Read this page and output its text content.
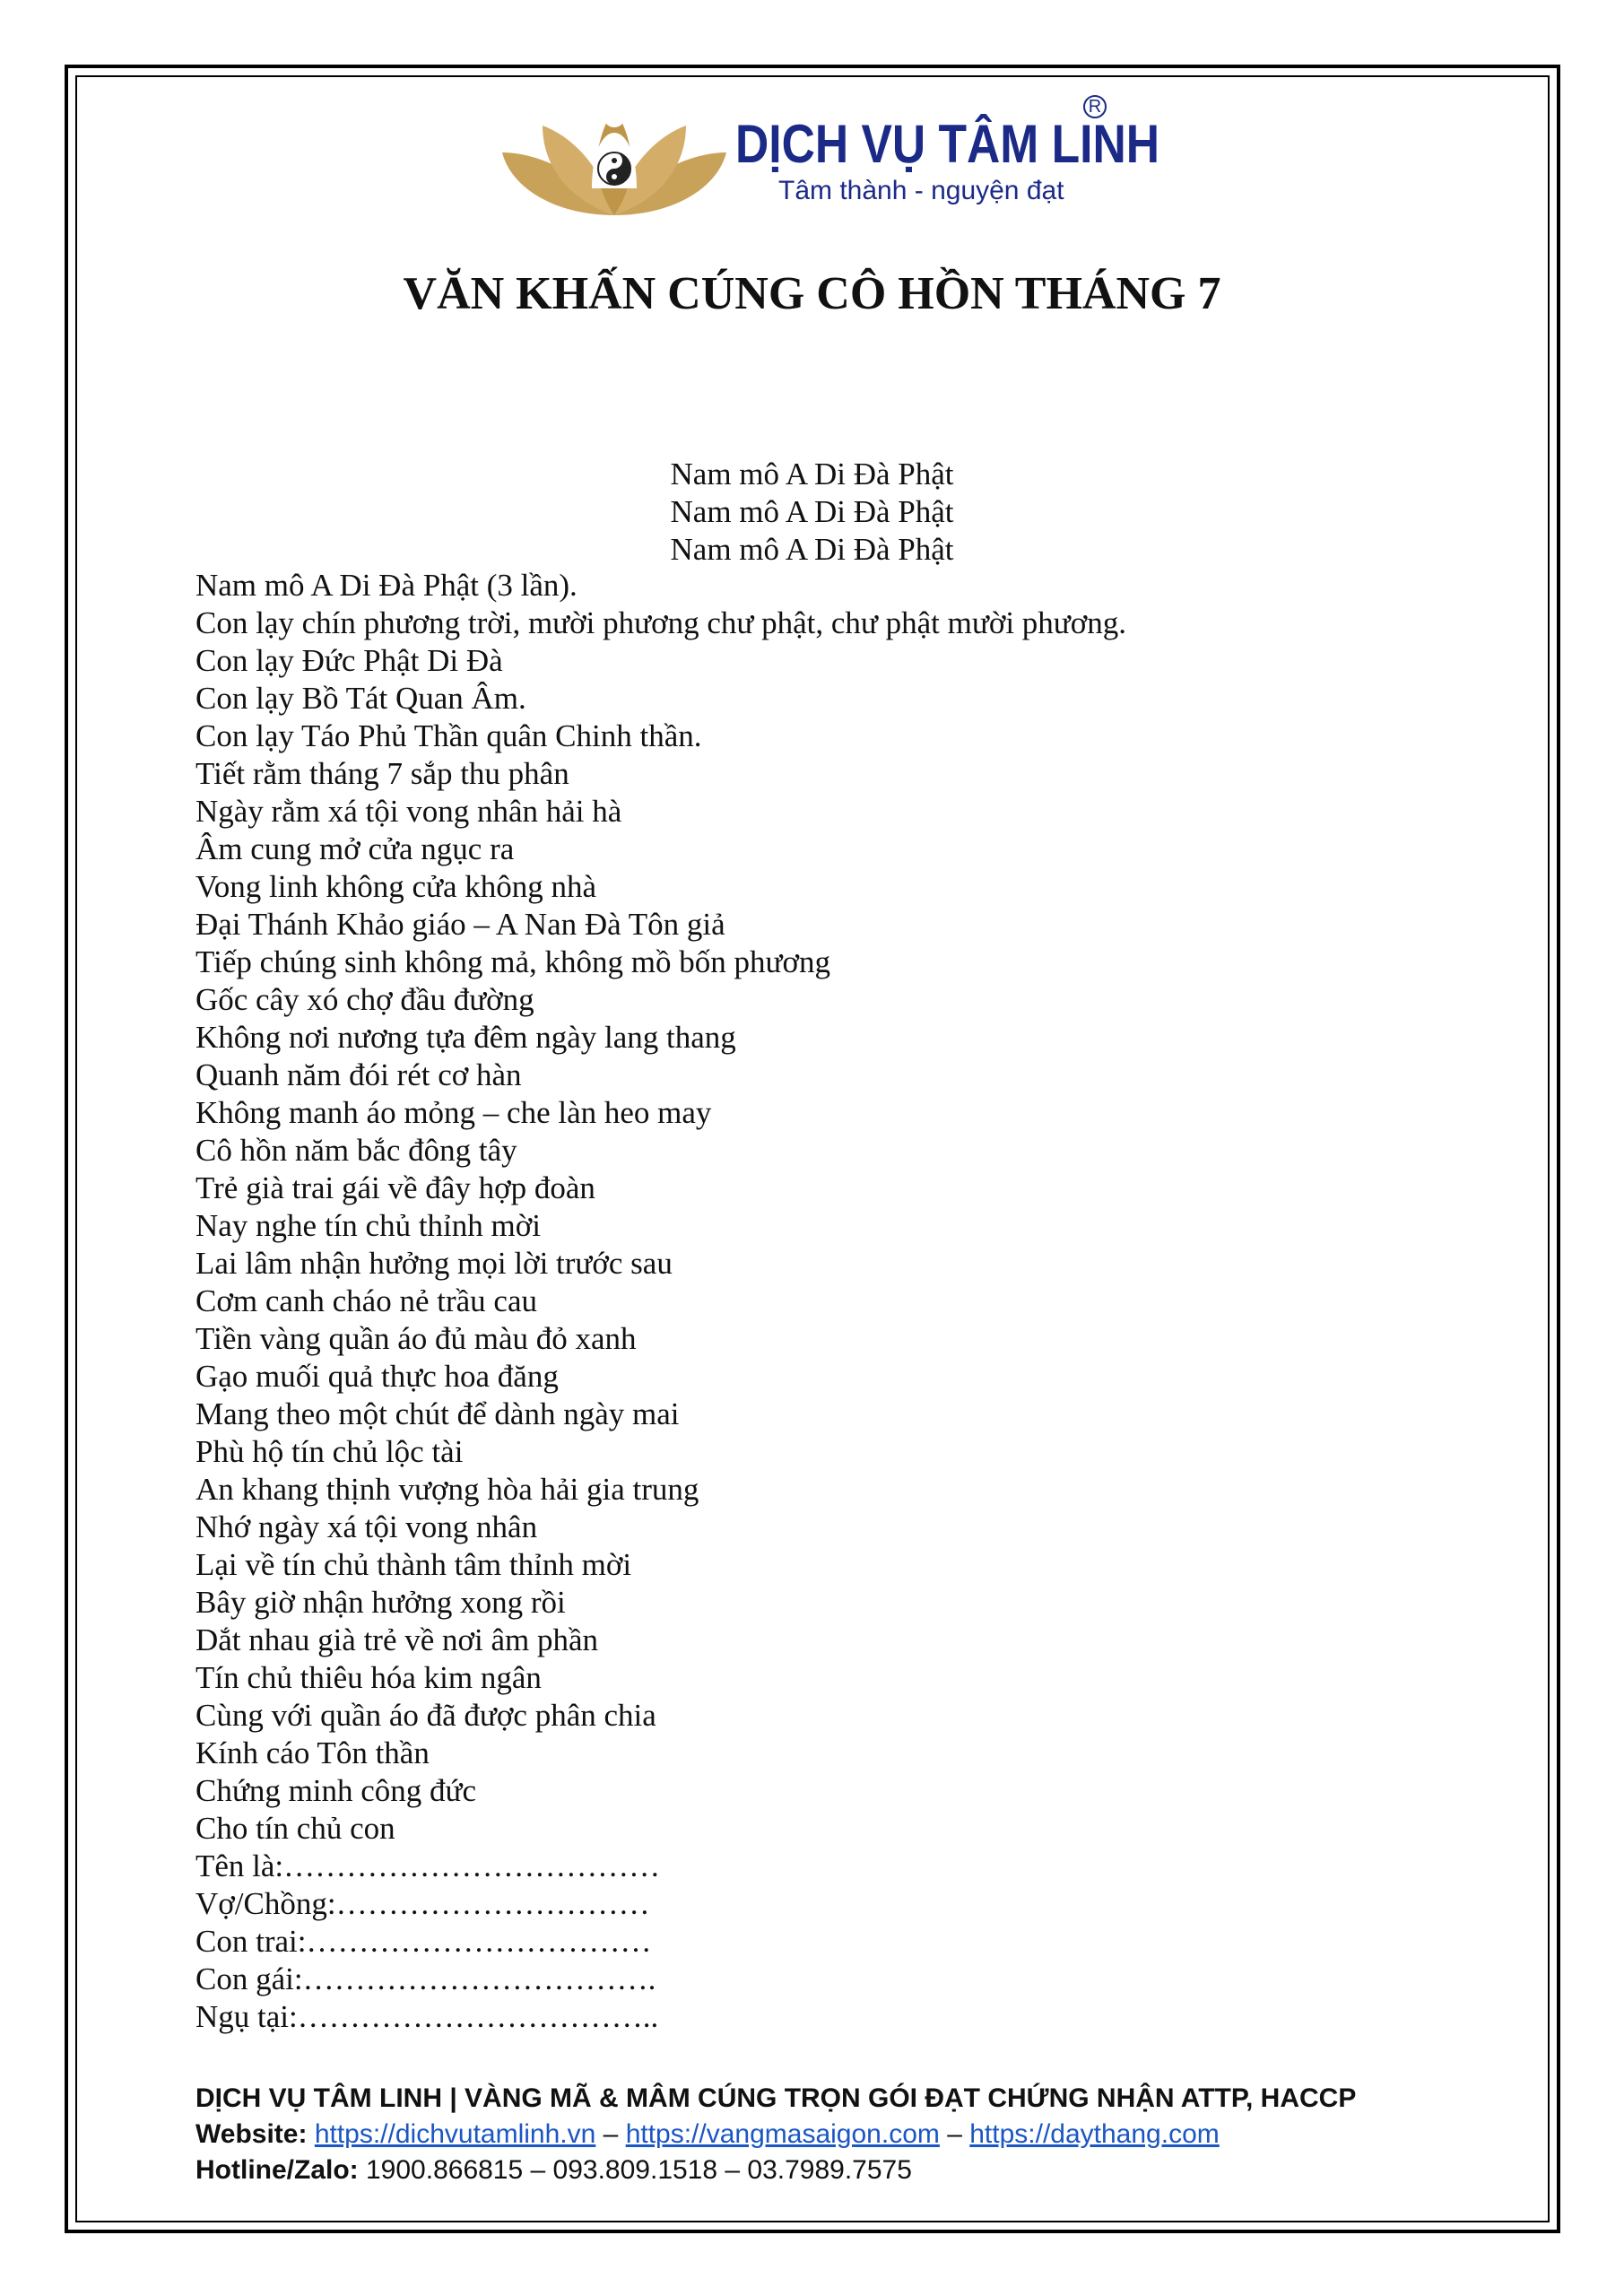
DỊCH VỤ TÂM LINH
R
Tâm thành - nguyện đạt
VĂN KHẤN CÚNG CÔ HỒN THÁNG 7
Nam mô A Di Đà Phật
Nam mô A Di Đà Phật
Nam mô A Di Đà Phật
Nam mô A Di Đà Phật (3 lần).
Con lạy chín phương trời, mười phương chư phật, chư phật mười phương.
Con lạy Đức Phật Di Đà
Con lạy Bồ Tát Quan Âm.
Con lạy Táo Phủ Thần quân Chinh thần.
Tiết rằm tháng 7 sắp thu phân
Ngày rằm xá tội vong nhân hải hà
Âm cung mở cửa ngục ra
Vong linh không cửa không nhà
Đại Thánh Khảo giáo – A Nan Đà Tôn giả
Tiếp chúng sinh không mả, không mồ bốn phương
Gốc cây xó chợ đầu đường
Không nơi nương tựa đêm ngày lang thang
Quanh năm đói rét cơ hàn
Không manh áo mỏng – che làn heo may
Cô hồn năm bắc đông tây
Trẻ già trai gái về đây hợp đoàn
Nay nghe tín chủ thỉnh mời
Lai lâm nhận hưởng mọi lời trước sau
Cơm canh cháo nẻ trầu cau
Tiền vàng quần áo đủ màu đỏ xanh
Gạo muối quả thực hoa đăng
Mang theo một chút để dành ngày mai
Phù hộ tín chủ lộc tài
An khang thịnh vượng hòa hải gia trung
Nhớ ngày xá tội vong nhân
Lại về tín chủ thành tâm thỉnh mời
Bây giờ nhận hưởng xong rồi
Dắt nhau già trẻ về nơi âm phần
Tín chủ thiêu hóa kim ngân
Cùng với quần áo đã được phân chia
Kính cáo Tôn thần
Chứng minh công đức
Cho tín chủ con
Tên là:………………………………
Vợ/Chồng:…………………………
Con trai:……………………………
Con gái:…………………………….
Ngụ tại:……………………………..
DỊCH VỤ TÂM LINH | VÀNG MÃ & MÂM CÚNG TRỌN GÓI ĐẠT CHỨNG NHẬN ATTP, HACCP
Website: https://dichvutamlinh.vn – https://vangmasaigon.com – https://daythang.com
Hotline/Zalo: 1900.866815 – 093.809.1518 – 03.7989.7575
